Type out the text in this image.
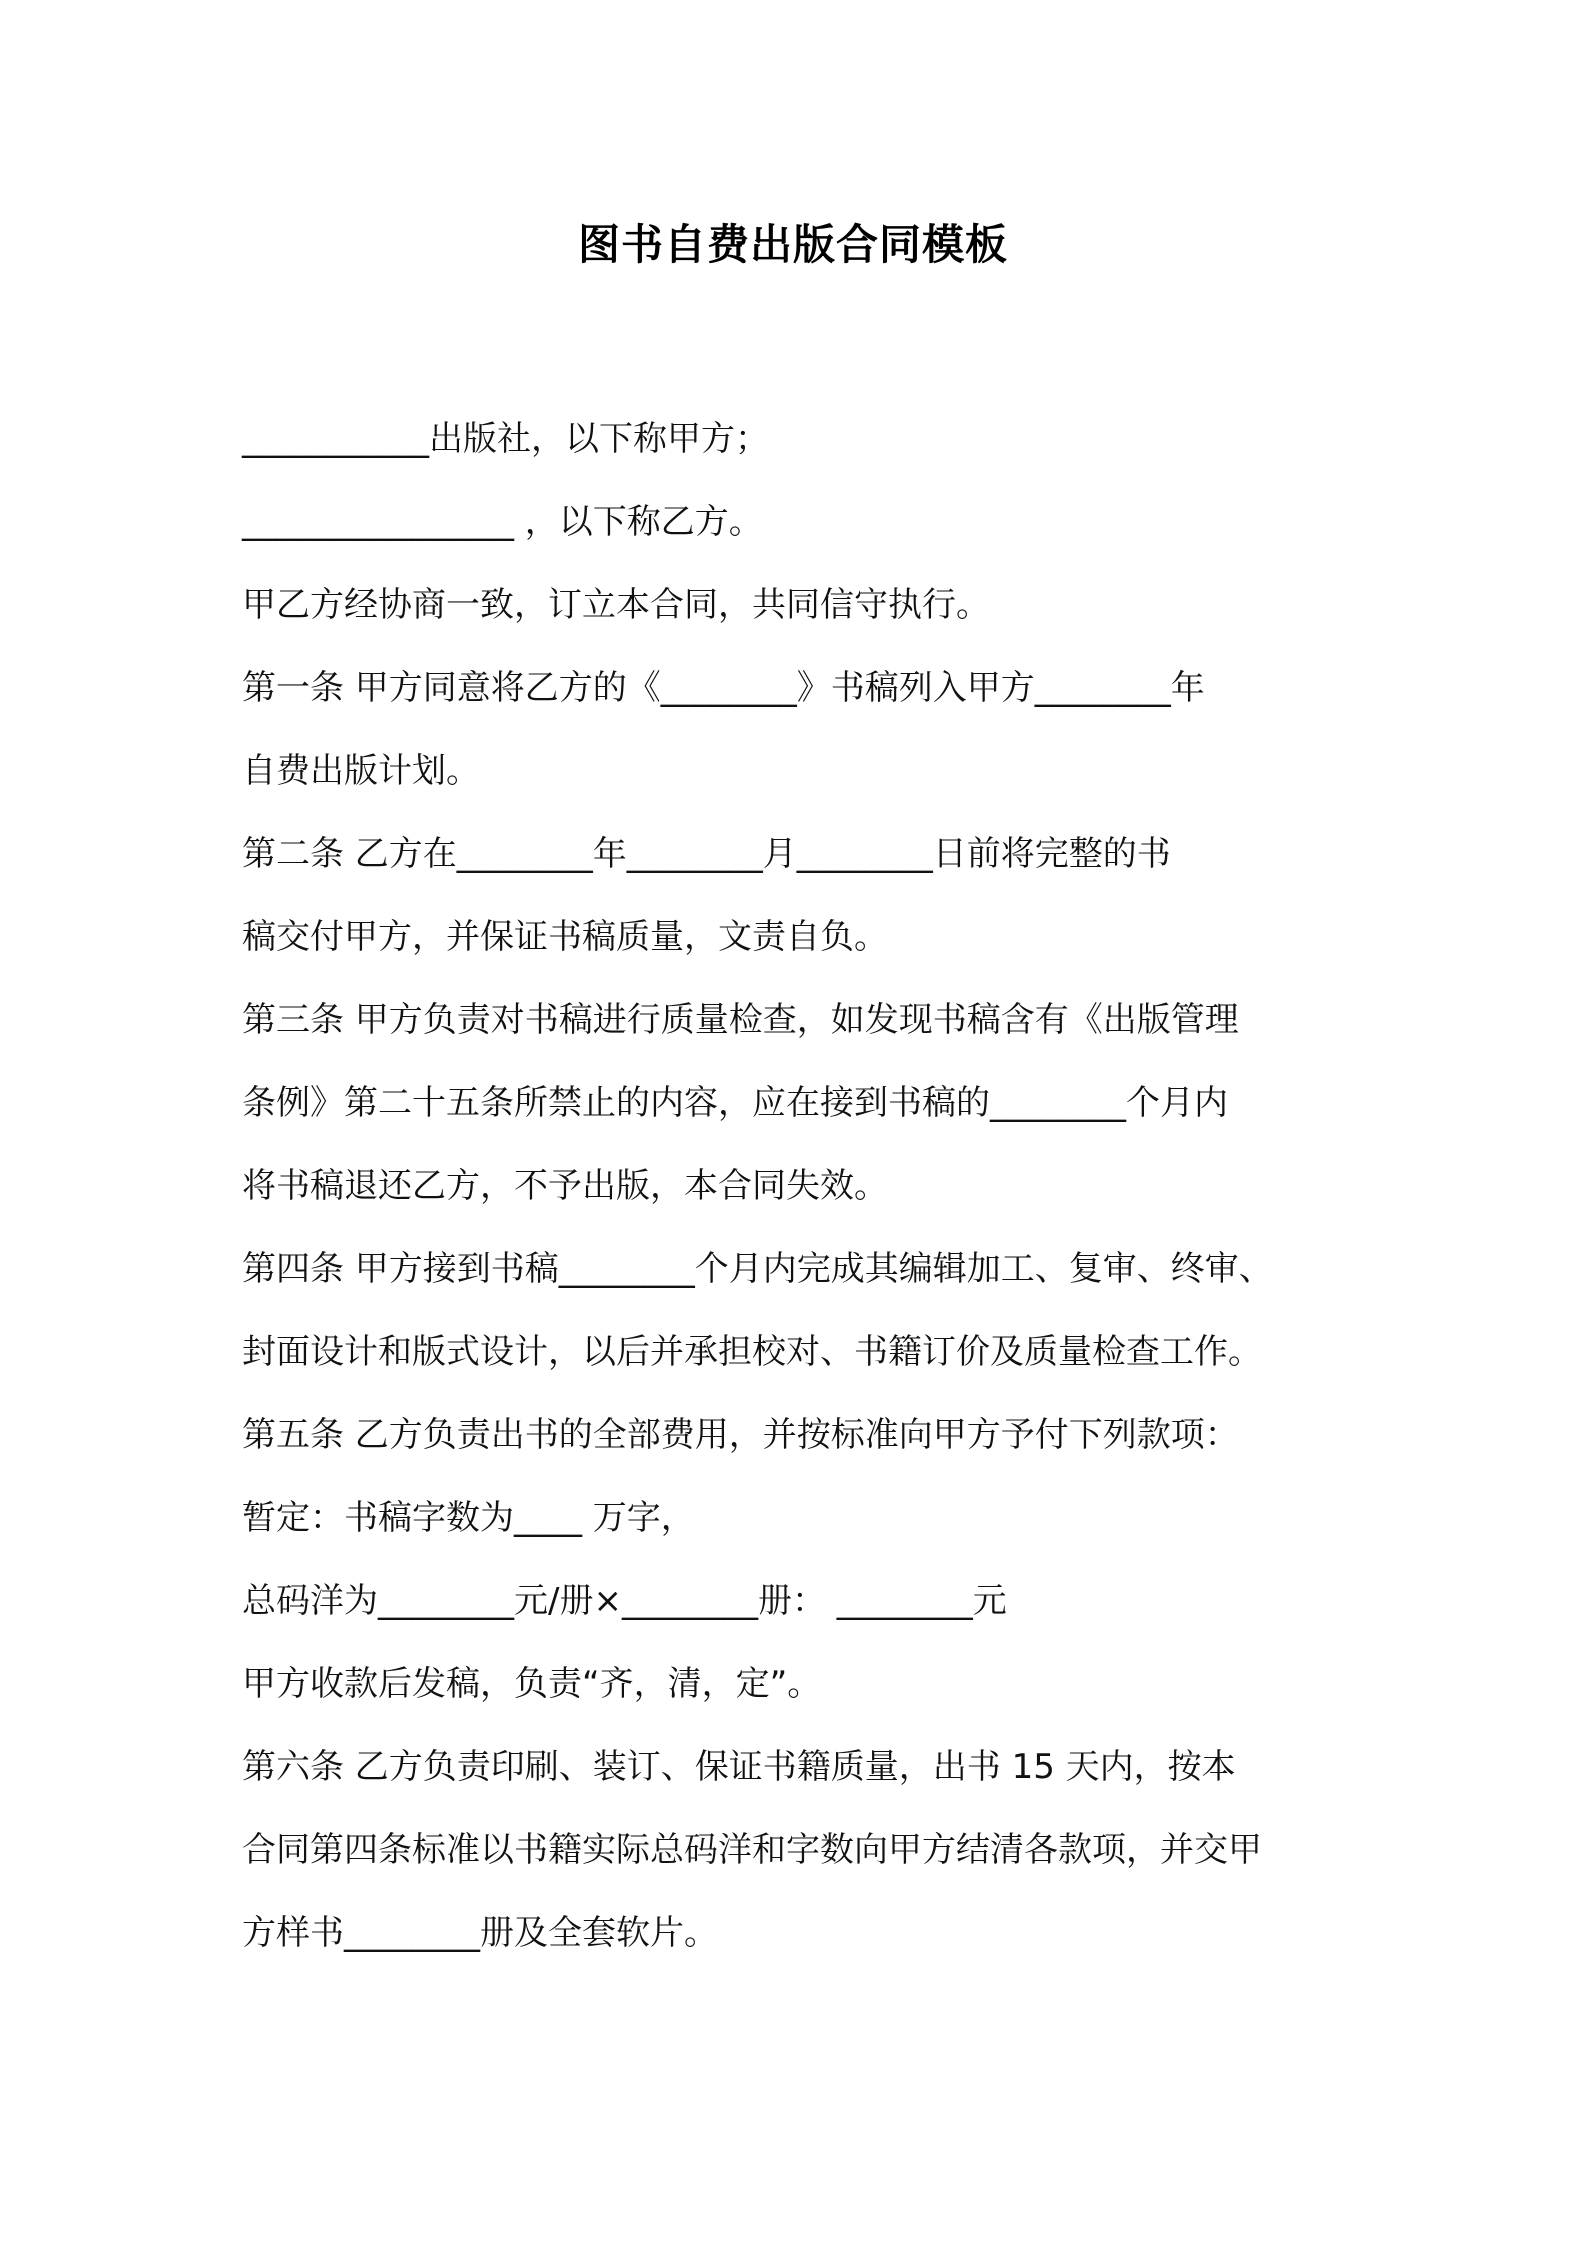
图书自费出版合同模板

___________出版社，以下称甲方；

________________ ，以下称乙方。

甲乙方经协商一致，订立本合同，共同信守执行。

第一条 甲方同意将乙方的《________》书稿列入甲方________年

自费出版计划。

第二条 乙方在________年________月________日前将完整的书

稿交付甲方，并保证书稿质量，文责自负。

第三条 甲方负责对书稿进行质量检查，如发现书稿含有《出版管理

条例》第二十五条所禁止的内容，应在接到书稿的________个月内

将书稿退还乙方，不予出版，本合同失效。

第四条 甲方接到书稿________个月内完成其编辑加工、复审、终审、

封面设计和版式设计，以后并承担校对、书籍订价及质量检查工作。

第五条 乙方负责出书的全部费用，并按标准向甲方予付下列款项：

暂定：书稿字数为____ 万字，

总码洋为________元/册×________册： ________元

甲方收款后发稿，负责“齐，清，定”。

第六条 乙方负责印刷、装订、保证书籍质量，出书 15 天内，按本

合同第四条标准以书籍实际总码洋和字数向甲方结清各款项，并交甲

方样书________册及全套软片。
